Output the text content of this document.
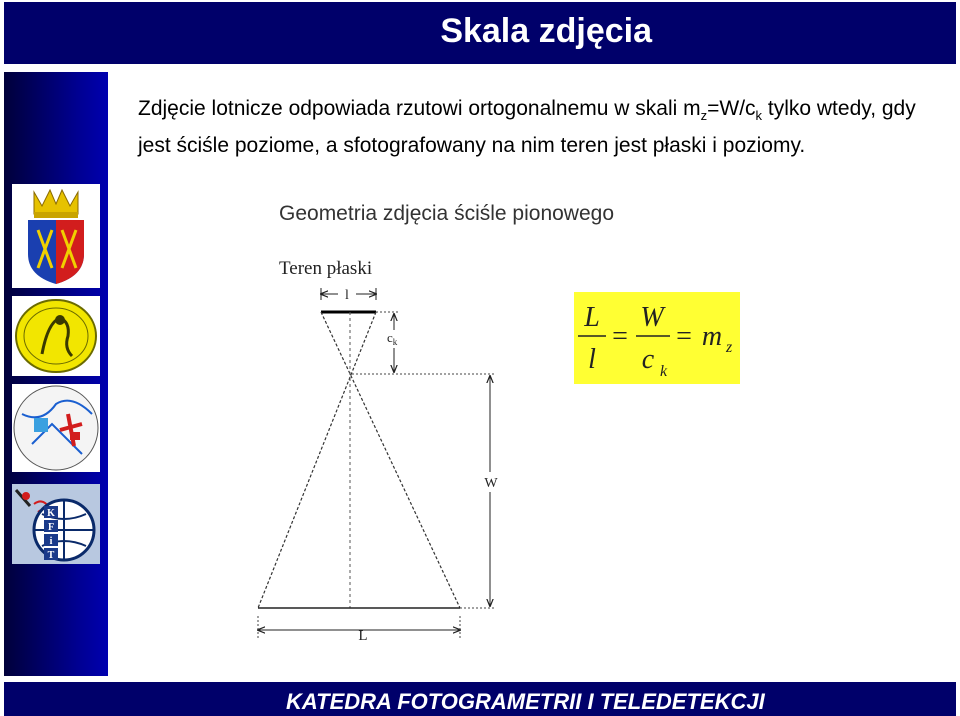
Skala zdjęcia
K
F
i
T
Zdjęcie lotnicze odpowiada rzutowi ortogonalnemu w skali $m_z=W/c_k$ tylko wtedy, gdy jest ściśle poziome, a sfotografowany na nim teren jest płaski i poziomy.
Geometria zdjęcia ściśle pionowego
Teren płaski
l
$c_k$
W
L
L
l
=
W
c k
= m z
KATEDRA FOTOGRAMETRII I TELEDETEKCJI
